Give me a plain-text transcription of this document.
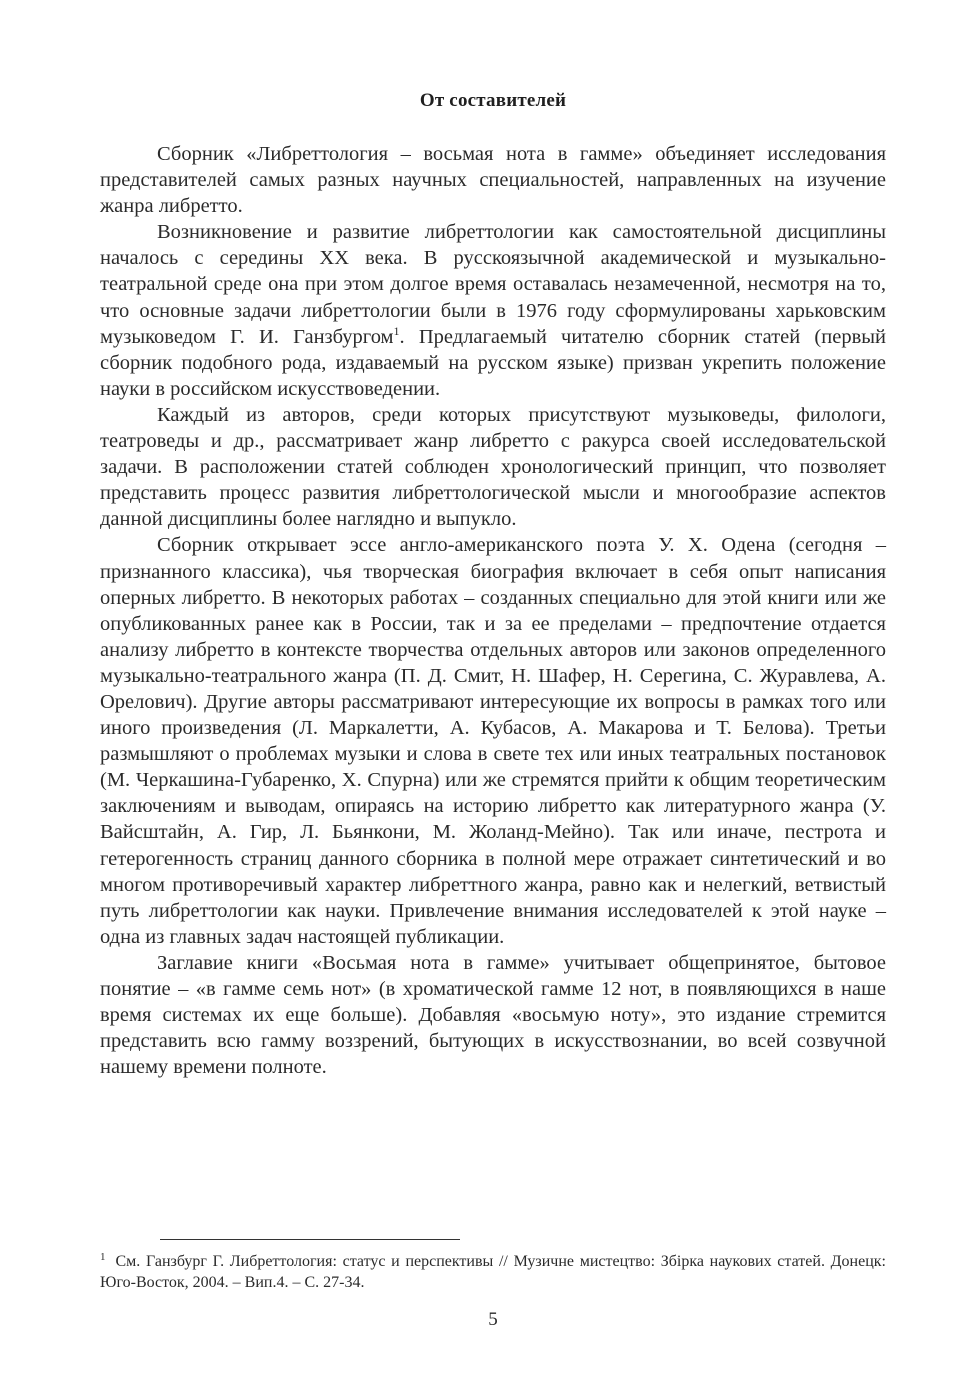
От составителей

Сборник «Либреттология – восьмая нота в гамме» объединяет исследования представителей самых разных научных специальностей, направленных на изучение жанра либретто.

Возникновение и развитие либреттологии как самостоятельной дисциплины началось с середины XX века. В русскоязычной академической и музыкально-театральной среде она при этом долгое время оставалась незамеченной, несмотря на то, что основные задачи либреттологии были в 1976 году сформулированы харьковским музыковедом Г. И. Ганзбургом$^1$. Предлагаемый читателю сборник статей (первый сборник подобного рода, издаваемый на русском языке) призван укрепить положение науки в российском искусствоведении.

Каждый из авторов, среди которых присутствуют музыковеды, филологи, театроведы и др., рассматривает жанр либретто с ракурса своей исследовательской задачи. В расположении статей соблюден хронологический принцип, что позволяет представить процесс развития либреттологической мысли и многообразие аспектов данной дисциплины более наглядно и выпукло.

Сборник открывает эссе англо-американского поэта У. Х. Одена (сегодня – признанного классика), чья творческая биография включает в себя опыт написания оперных либретто. В некоторых работах – созданных специально для этой книги или же опубликованных ранее как в России, так и за ее пределами – предпочтение отдается анализу либретто в контексте творчества отдельных авторов или законов определенного музыкально-театрального жанра (П. Д. Смит, Н. Шафер, Н. Серегина, С. Журавлева, А. Орелович). Другие авторы рассматривают интересующие их вопросы в рамках того или иного произведения (Л. Маркалетти, А. Кубасов, А. Макарова и Т. Белова). Третьи размышляют о проблемах музыки и слова в свете тех или иных театральных постановок (М. Черкашина-Губаренко, Х. Спурна) или же стремятся прийти к общим теоретическим заключениям и выводам, опираясь на историю либретто как литературного жанра (У. Вайсштайн, А. Гир, Л. Бьянкони, М. Жоланд-Мейно). Так или иначе, пестрота и гетерогенность страниц данного сборника в полной мере отражает синтетический и во многом противоречивый характер либреттного жанра, равно как и нелегкий, ветвистый путь либреттологии как науки. Привлечение внимания исследователей к этой науке – одна из главных задач настоящей публикации.

Заглавие книги «Восьмая нота в гамме» учитывает общепринятое, бытовое понятие – «в гамме семь нот» (в хроматической гамме 12 нот, в появляющихся в наше время системах их еще больше). Добавляя «восьмую ноту», это издание стремится представить всю гамму воззрений, бытующих в искусствознании, во всей созвучной нашему времени полноте.

$^1$ См. Ганзбург Г. Либреттология: статус и перспективы // Музичне мистецтво: Збiрка наукових статей. Донецк: Юго-Восток, 2004. – Вип.4. – С. 27-34.
5
